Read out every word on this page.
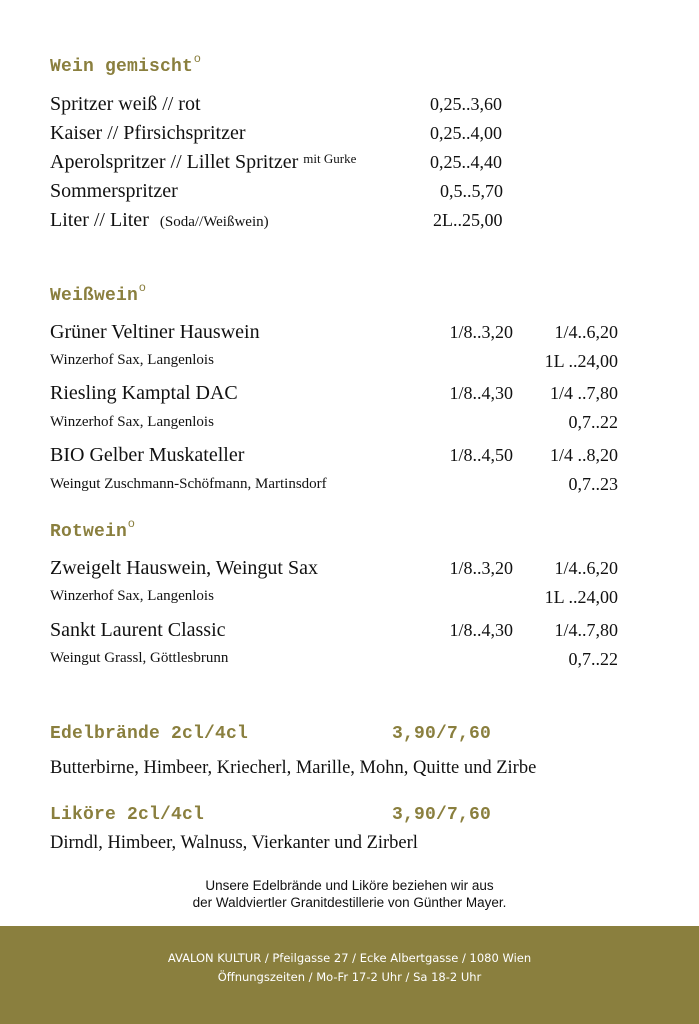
Wein gemischt$^o$
Spritzer weiß // rot	0,25..3,60
Kaiser // Pfirsichspritzer	0,25..4,00
Aperolspritzer // Lillet Spritzer $^{mit Gurke}$	0,25..4,40
Sommerspritzer	0,5..5,70
Liter // Liter (Soda//Weißwein)	2L..25,00
Weißwein$^o$
Grüner Veltiner Hauswein	1/8..3,20 1/4..6,20
Winzerhof Sax, Langenlois	1L ..24,00
Riesling Kamptal DAC	1/8..4,30 1/4 ..7,80
Winzerhof Sax, Langenlois	0,7..22
BIO Gelber Muskateller	1/8..4,50 1/4 ..8,20
Weingut Zuschmann-Schöfmann, Martinsdorf	0,7..23
Rotwein$^o$
Zweigelt Hauswein, Weingut Sax	1/8..3,20 1/4..6,20
Winzerhof Sax, Langenlois	1L ..24,00
Sankt Laurent Classic	1/8..4,30 1/4..7,80
Weingut Grassl, Göttlesbrunn	0,7..22
Edelbrände 2cl/4cl	3,90/7,60
Butterbirne, Himbeer, Kriecherl, Marille, Mohn, Quitte und Zirbe
Liköre 2cl/4cl	3,90/7,60
Dirndl, Himbeer, Walnuss, Vierkanter und Zirberl
Unsere Edelbrände und Liköre beziehen wir aus
der Waldviertler Granitdestillerie von Günther Mayer.
AVALON KULTUR / Pfeilgasse 27 / Ecke Albertgasse / 1080 Wien
Öffnungszeiten / Mo-Fr 17-2 Uhr / Sa 18-2 Uhr
